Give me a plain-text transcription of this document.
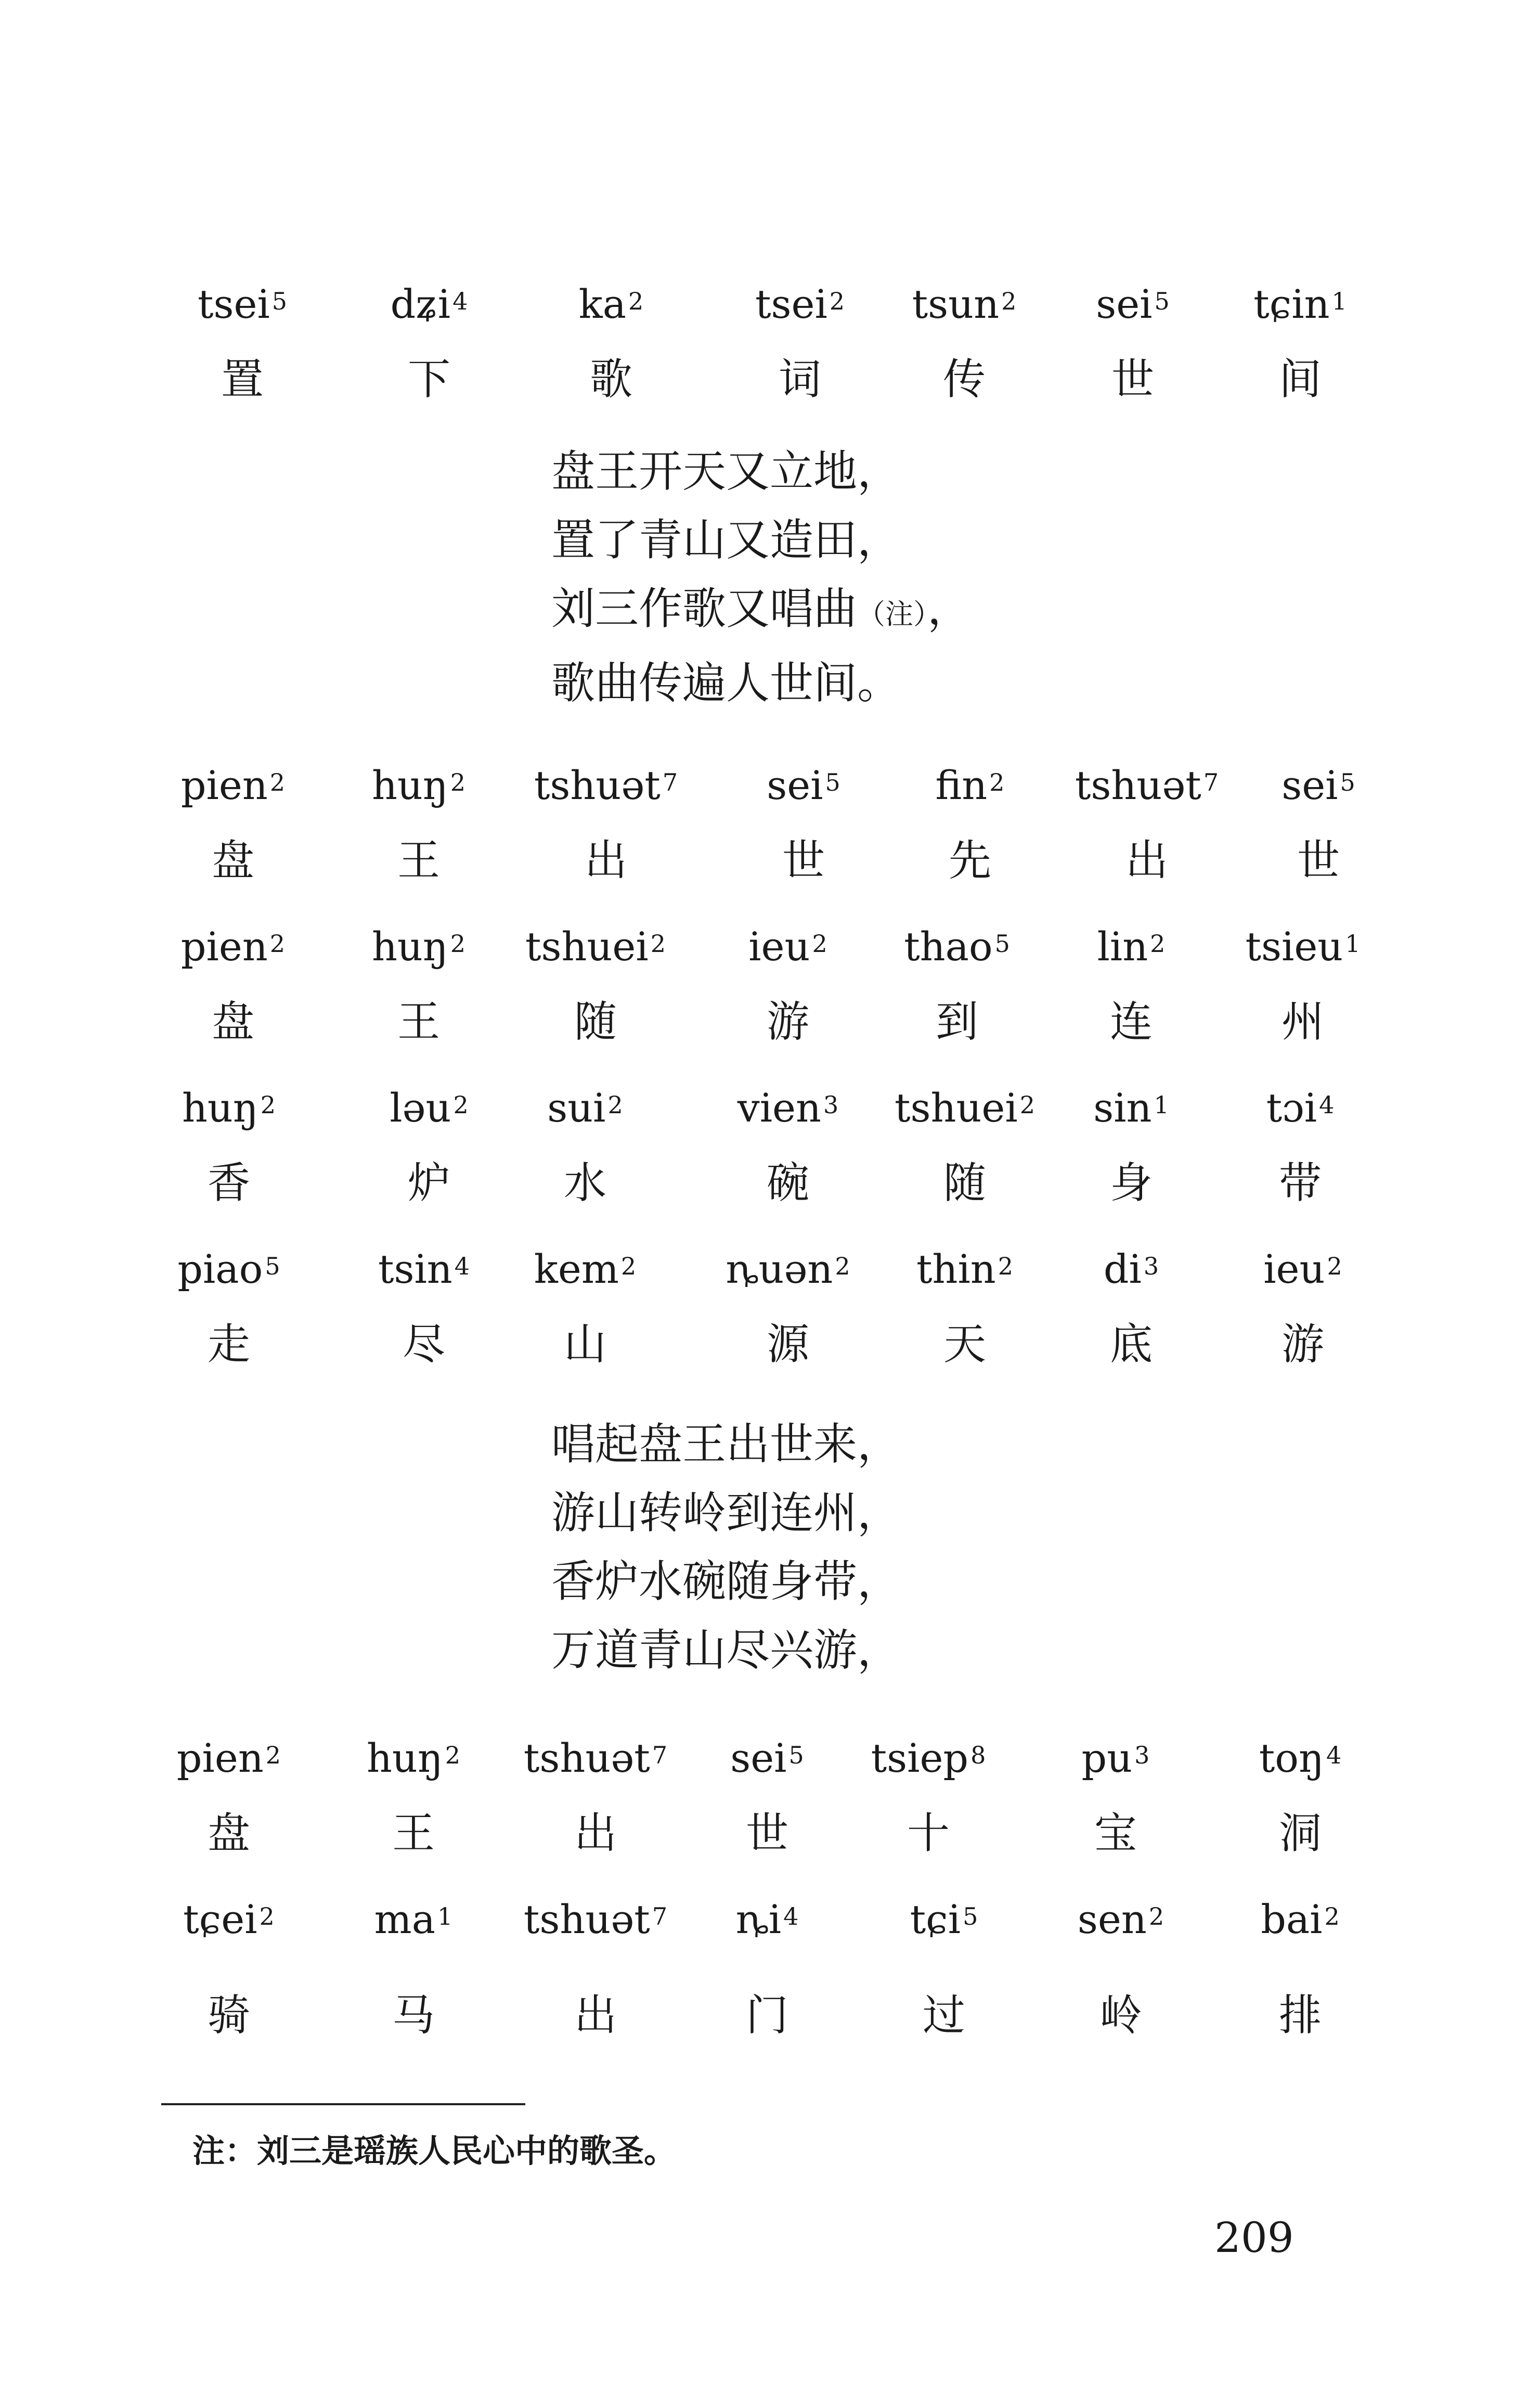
tsei$^5$	dʑi$^4$	$ka^2$	tsei$^2$	tsun$^2$	sei$^5$	tɕin$^1$
置	下	歌	词	传	世	间
盘王开天又立地，
置了青山又造田，
刘三作歌又唱曲（注），
歌曲传遍人世间。
pien$^2$	huŋ$^2$	tshuət$^7$	sei$^5$	fin$^2$	tshuət$^7$	sei$^5$
盘	王	出	世	先	出	世
pien$^2$	huŋ$^2$	tshuei$^2$	ieu$^2$	thao$^5$	lin$^2$	tsieu$^1$
盘	王	随	游	到	连	州
huŋ$^2$	ləu$^2$	sui$^2$	vien$^3$	tshuei$^2$	$\sin^1$	tɔi$^4$
香	炉	水	碗	随	身	带
piao$^5$	tsin$^4$	kem$^2$	ȵuən$^2$	thin$^2$	$di^3$	ieu$^2$
走	尽	山	源	天	底	游
唱起盘王出世来，
游山转岭到连州，
香炉水碗随身带，
万道青山尽兴游，
pien$^2$	huŋ$^2$	tshuət$^7$	sei$^5$	tsiep$^8$	$pu^3$	toŋ$^4$
盘	王	出	世	十	宝	洞
tɕei$^2$	$ma^1$	tshuət$^7$	$ȵi^4$	tɕi$^5$	sen$^2$	bai$^2$
骑	马	出	门	过	岭	排
注：刘三是瑶族人民心中的歌圣。
209
